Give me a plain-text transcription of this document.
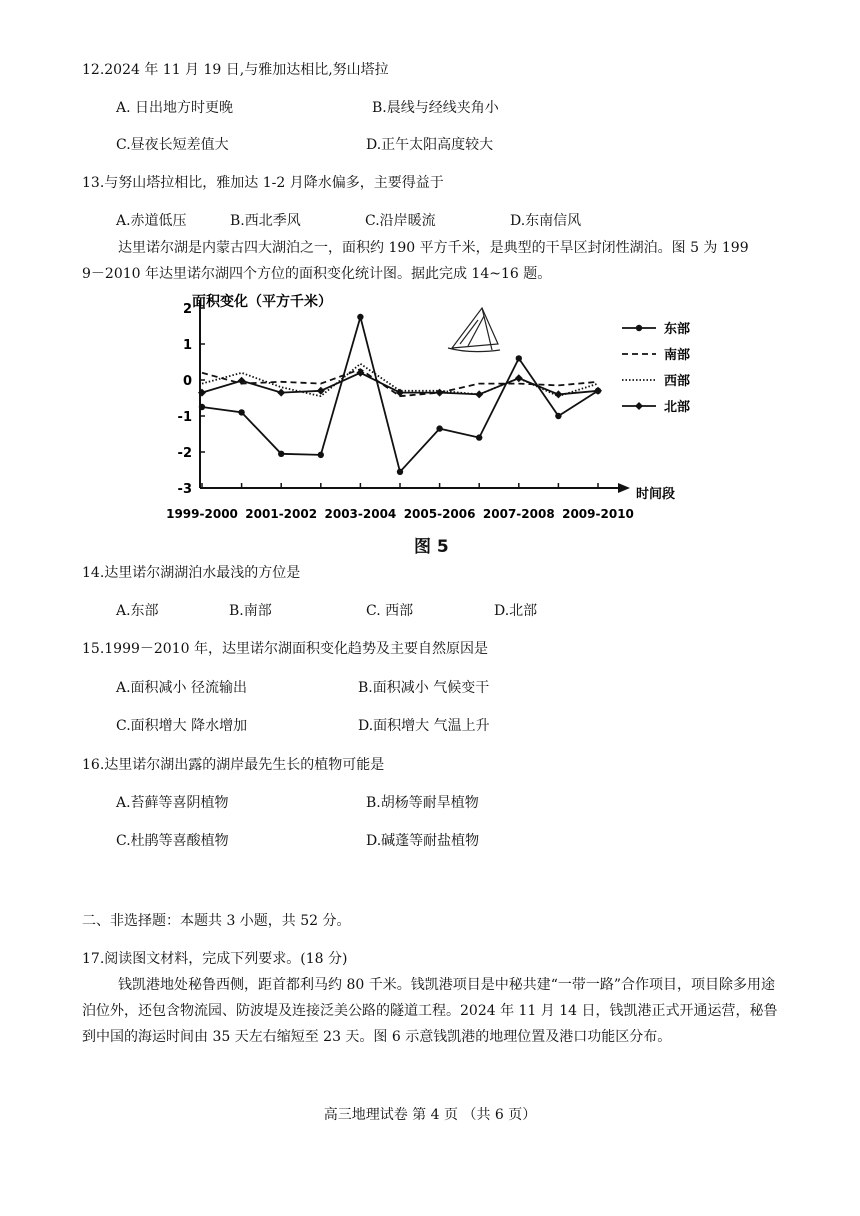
12.2024 年 11 月 19 日,与雅加达相比,努山塔拉
A. 日出地方时更晚	B.晨线与经线夹角小
C.昼夜长短差值大	D.正午太阳高度较大
13.与努山塔拉相比，雅加达 1-2 月降水偏多，主要得益于
A.赤道低压	B.西北季风	C.沿岸暖流	D.东南信风
达里诺尔湖是内蒙古四大湖泊之一，面积约 190 平方千米，是典型的干旱区封闭性湖泊。图 5 为 199
9－2010 年达里诺尔湖四个方位的面积变化统计图。据此完成 14~16 题。
2
1
0
-1
-2
-3
1999-2000 2001-2002 2003-2004 2005-2006 2007-2008 2009-2010
东部
南部
西部
北部
面积变化（平方千米）
时间段
图 5
14.达里诺尔湖湖泊水最浅的方位是
A.东部	B.南部	C. 西部	D.北部
15.1999－2010 年，达里诺尔湖面积变化趋势及主要自然原因是
A.面积减小 径流输出	B.面积减小 气候变干
C.面积增大 降水增加	D.面积增大 气温上升
16.达里诺尔湖出露的湖岸最先生长的植物可能是
A.苔藓等喜阴植物	B.胡杨等耐旱植物
C.杜鹃等喜酸植物	D.碱蓬等耐盐植物
二、非选择题：本题共 3 小题，共 52 分。
17.阅读图文材料，完成下列要求。(18 分)
钱凯港地处秘鲁西侧，距首都利马约 80 千米。钱凯港项目是中秘共建“一带一路”合作项目，项目除多用途泊位外，还包含物流园、防波堤及连接泛美公路的隧道工程。2024 年 11 月 14 日，钱凯港正式开通运营，秘鲁到中国的海运时间由 35 天左右缩短至 23 天。图 6 示意钱凯港的地理位置及港口功能区分布。
高三地理试卷 第 4 页 （共 6 页）
